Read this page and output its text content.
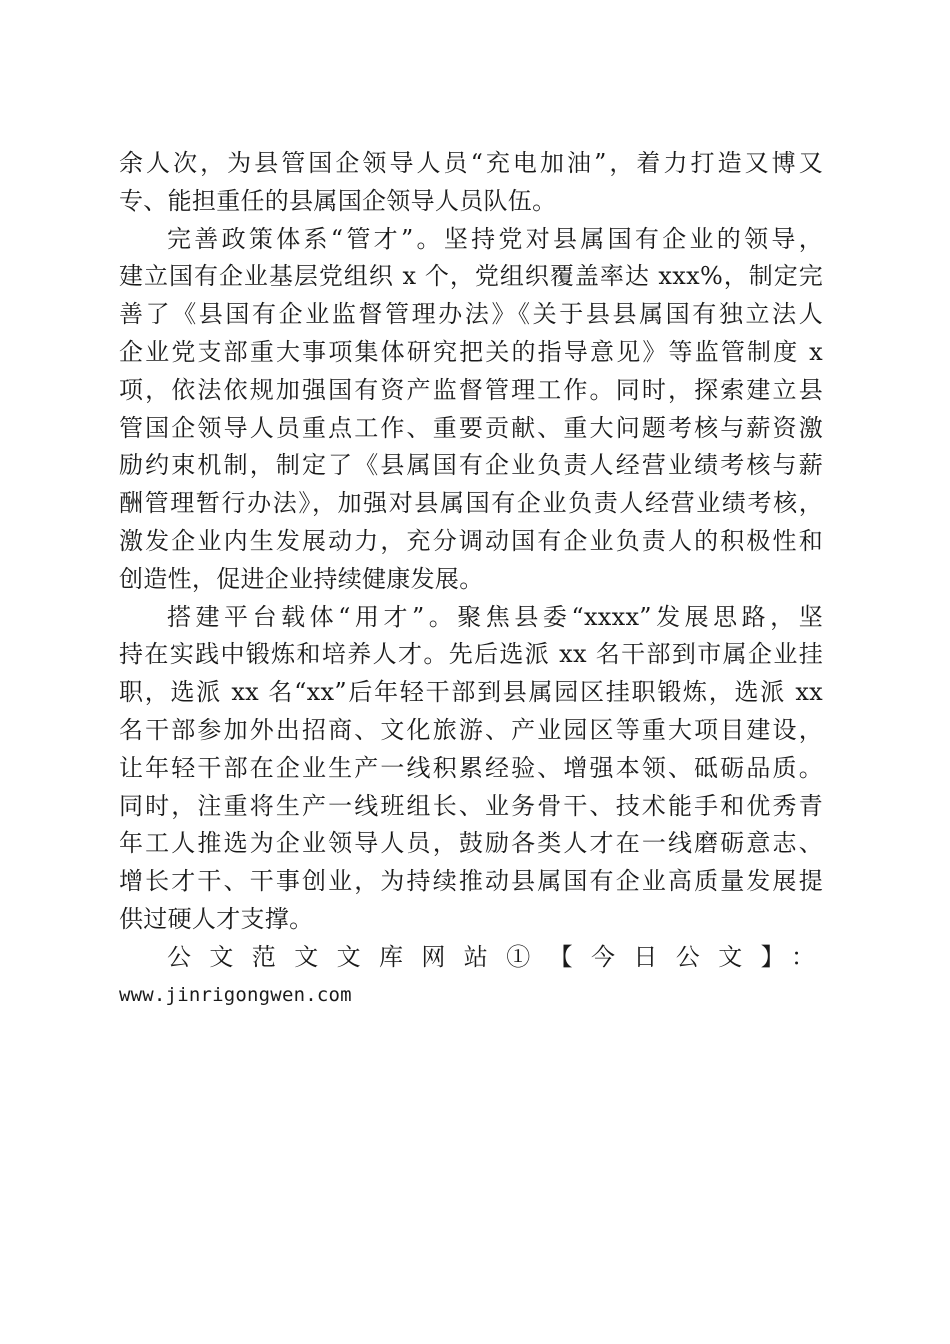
余人次，为县管国企领导人员“充电加油”，着力打造又博又
专、能担重任的县属国企领导人员队伍。
完善政策体系“管才”。坚持党对县属国有企业的领导，
建立国有企业基层党组织 x 个，党组织覆盖率达 xxx%，制定完
善了《县国有企业监督管理办法》《关于县县属国有独立法人
企业党支部重大事项集体研究把关的指导意见》等监管制度 x
项，依法依规加强国有资产监督管理工作。同时，探索建立县
管国企领导人员重点工作、重要贡献、重大问题考核与薪资激
励约束机制，制定了《县属国有企业负责人经营业绩考核与薪
酬管理暂行办法》，加强对县属国有企业负责人经营业绩考核，
激发企业内生发展动力，充分调动国有企业负责人的积极性和
创造性，促进企业持续健康发展。
搭建平台载体“用才”。聚焦县委“xxxx”发展思路，坚
持在实践中锻炼和培养人才。先后选派 xx 名干部到市属企业挂
职，选派 xx 名“xx”后年轻干部到县属园区挂职锻炼，选派 xx
名干部参加外出招商、文化旅游、产业园区等重大项目建设，
让年轻干部在企业生产一线积累经验、增强本领、砥砺品质。
同时，注重将生产一线班组长、业务骨干、技术能手和优秀青
年工人推选为企业领导人员，鼓励各类人才在一线磨砺意志、
增长才干、干事创业，为持续推动县属国有企业高质量发展提
供过硬人才支撑。
公文范文文库网站①【今日公文】：
www.jinrigongwen.com
